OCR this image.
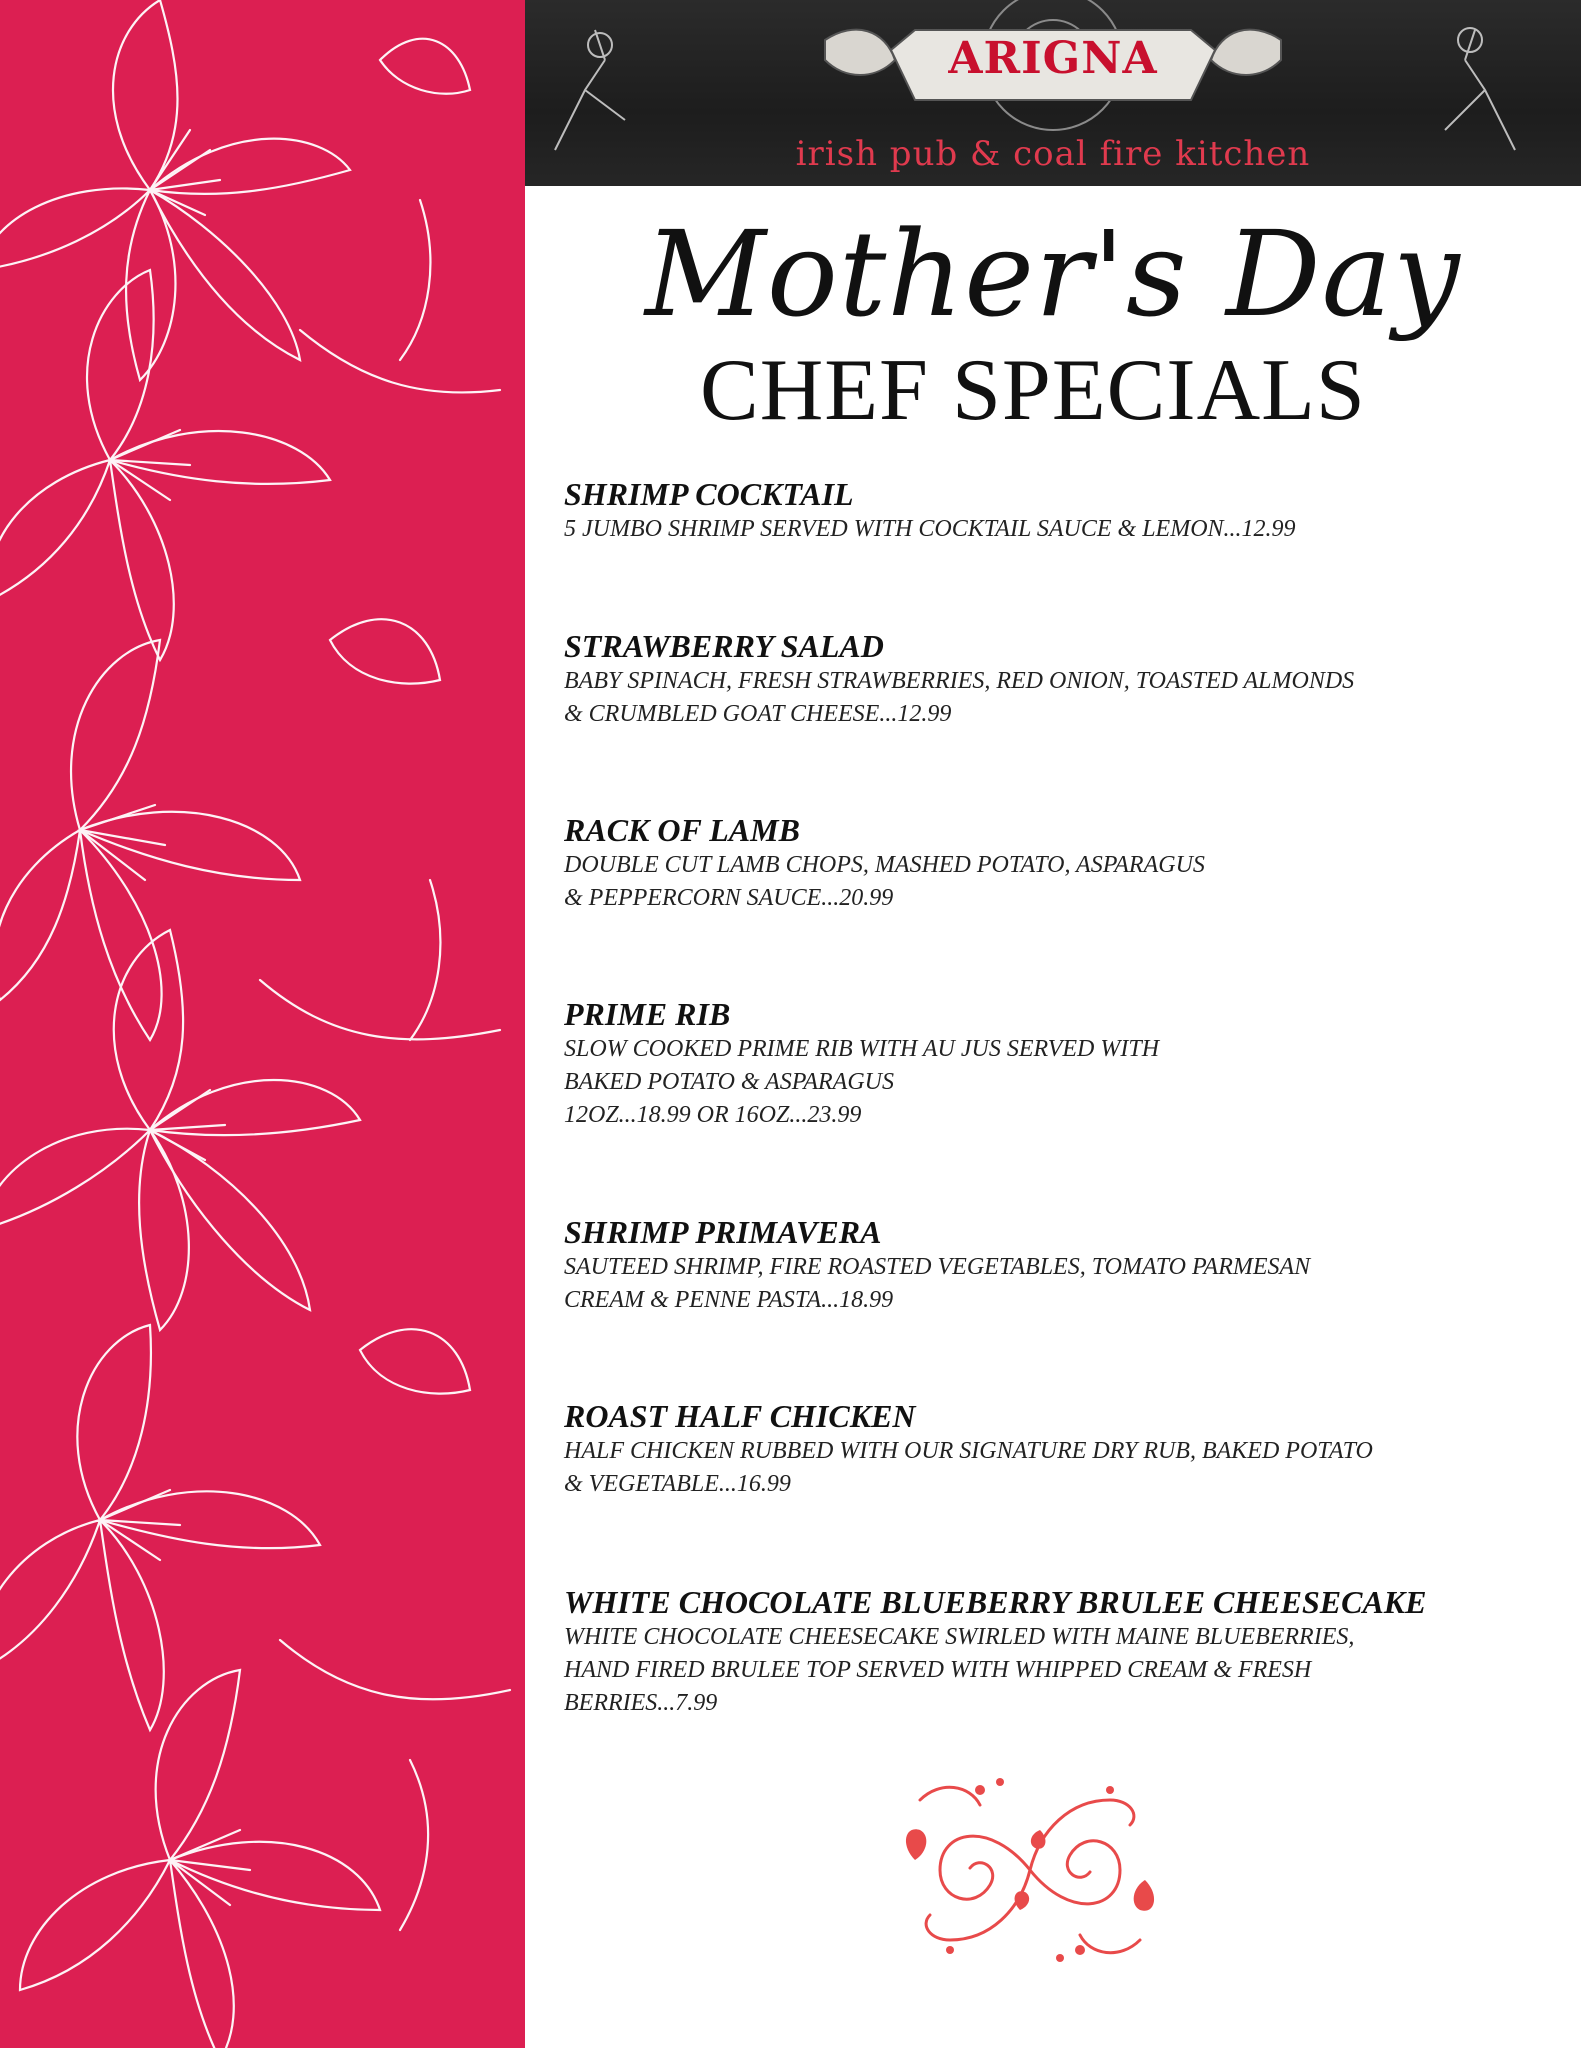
ARIGNA
irish pub & coal fire kitchen
Mother's Day
CHEF SPECIALS
SHRIMP COCKTAIL
5 JUMBO SHRIMP SERVED WITH COCKTAIL SAUCE & LEMON...12.99
STRAWBERRY SALAD
BABY SPINACH, FRESH STRAWBERRIES, RED ONION, TOASTED ALMONDS
& CRUMBLED GOAT CHEESE...12.99
RACK OF LAMB
DOUBLE CUT LAMB CHOPS, MASHED POTATO, ASPARAGUS
& PEPPERCORN SAUCE...20.99
PRIME RIB
SLOW COOKED PRIME RIB WITH AU JUS SERVED WITH
BAKED POTATO & ASPARAGUS
12OZ...18.99 OR 16OZ...23.99
SHRIMP PRIMAVERA
SAUTEED SHRIMP, FIRE ROASTED VEGETABLES, TOMATO PARMESAN
CREAM & PENNE PASTA...18.99
ROAST HALF CHICKEN
HALF CHICKEN RUBBED WITH OUR SIGNATURE DRY RUB, BAKED POTATO
& VEGETABLE...16.99
WHITE CHOCOLATE BLUEBERRY BRULEE CHEESECAKE
WHITE CHOCOLATE CHEESECAKE SWIRLED WITH MAINE BLUEBERRIES,
HAND FIRED BRULEE TOP SERVED WITH WHIPPED CREAM & FRESH
BERRIES...7.99
